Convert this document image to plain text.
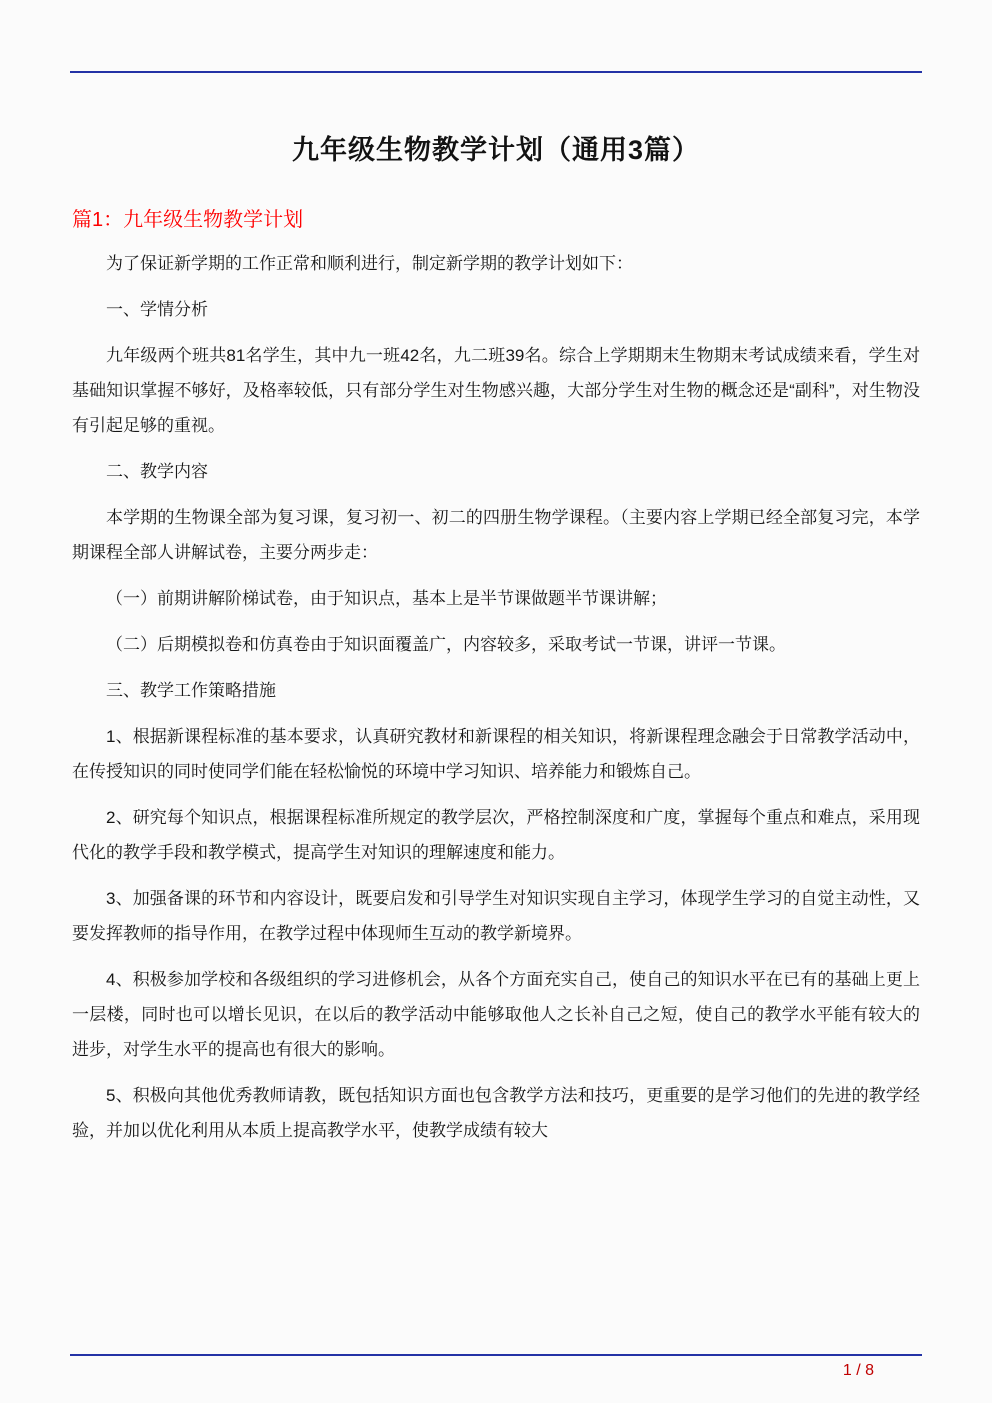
九年级生物教学计划（通用3篇）
篇1：九年级生物教学计划

为了保证新学期的工作正常和顺利进行，制定新学期的教学计划如下：

一、学情分析

九年级两个班共81名学生，其中九一班42名，九二班39名。综合上学期期末生物期末考试成绩来看，学生对基础知识掌握不够好，及格率较低，只有部分学生对生物感兴趣，大部分学生对生物的概念还是“副科”，对生物没有引起足够的重视。

二、教学内容

本学期的生物课全部为复习课，复习初一、初二的四册生物学课程。（主要内容上学期已经全部复习完，本学期课程全部人讲解试卷，主要分两步走：

（一）前期讲解阶梯试卷，由于知识点，基本上是半节课做题半节课讲解；

（二）后期模拟卷和仿真卷由于知识面覆盖广，内容较多，采取考试一节课，讲评一节课。

三、教学工作策略措施

1、根据新课程标准的基本要求，认真研究教材和新课程的相关知识，将新课程理念融会于日常教学活动中，在传授知识的同时使同学们能在轻松愉悦的环境中学习知识、培养能力和锻炼自己。

2、研究每个知识点，根据课程标准所规定的教学层次，严格控制深度和广度，掌握每个重点和难点，采用现代化的教学手段和教学模式，提高学生对知识的理解速度和能力。

3、加强备课的环节和内容设计，既要启发和引导学生对知识实现自主学习，体现学生学习的自觉主动性，又要发挥教师的指导作用，在教学过程中体现师生互动的教学新境界。

4、积极参加学校和各级组织的学习进修机会，从各个方面充实自己，使自己的知识水平在已有的基础上更上一层楼，同时也可以增长见识，在以后的教学活动中能够取他人之长补自己之短，使自己的教学水平能有较大的进步，对学生水平的提高也有很大的影响。

5、积极向其他优秀教师请教，既包括知识方面也包含教学方法和技巧，更重要的是学习他们的先进的教学经验，并加以优化利用从本质上提高教学水平，使教学成绩有较大

1 / 8
